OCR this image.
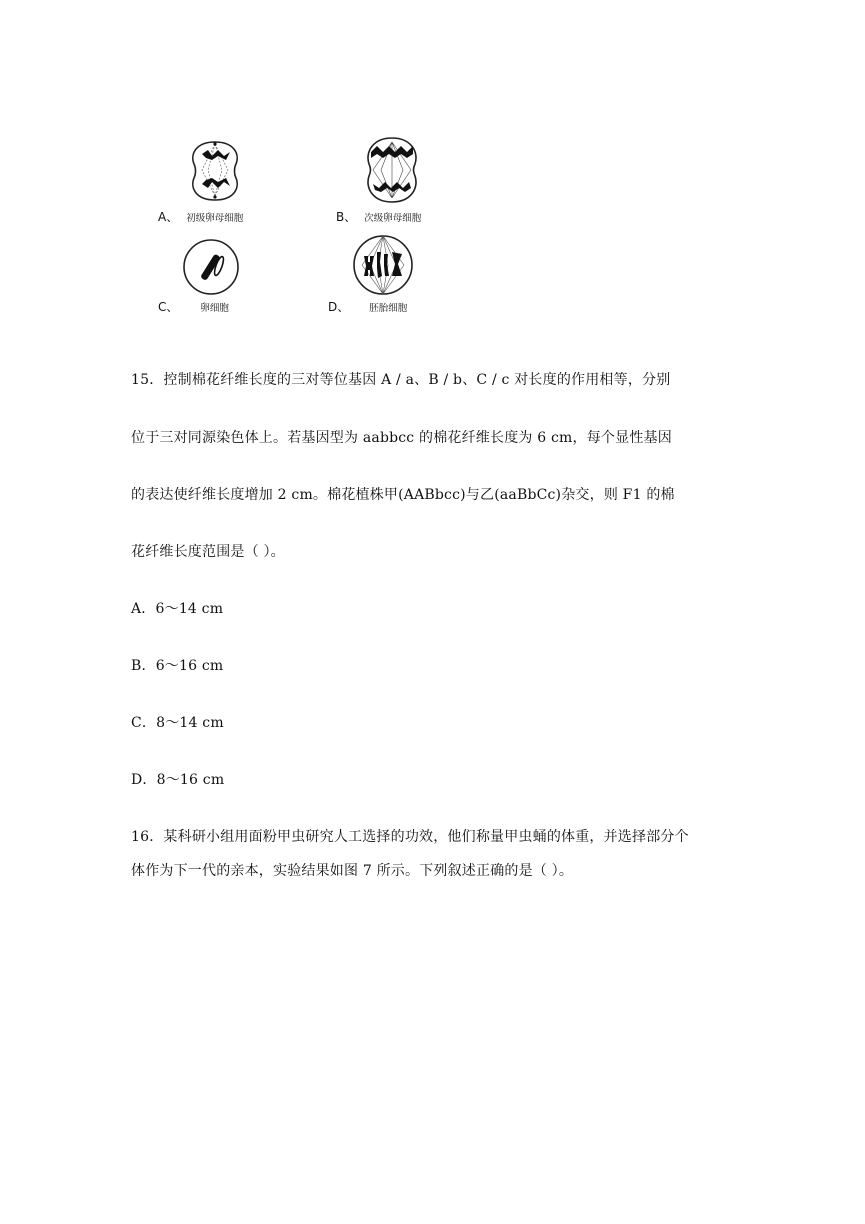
A、 初级卵母细胞	B、 次级卵母细胞
C、 卵细胞	D、 胚胎细胞
15．控制棉花纤维长度的三对等位基因 A / a、B / b、C / c 对长度的作用相等，分别
位于三对同源染色体上。若基因型为 aabbcc 的棉花纤维长度为 6 cm，每个显性基因
的表达使纤维长度增加 2 cm。棉花植株甲(AABbcc)与乙(aaBbCc)杂交，则 F1 的棉
花纤维长度范围是（ ）。
A．6～14 cm
B．6～16 cm
C．8～14 cm
D．8～16 cm
16．某科研小组用面粉甲虫研究人工选择的功效，他们称量甲虫蛹的体重，并选择部分个
体作为下一代的亲本，实验结果如图 7 所示。下列叙述正确的是（ ）。
